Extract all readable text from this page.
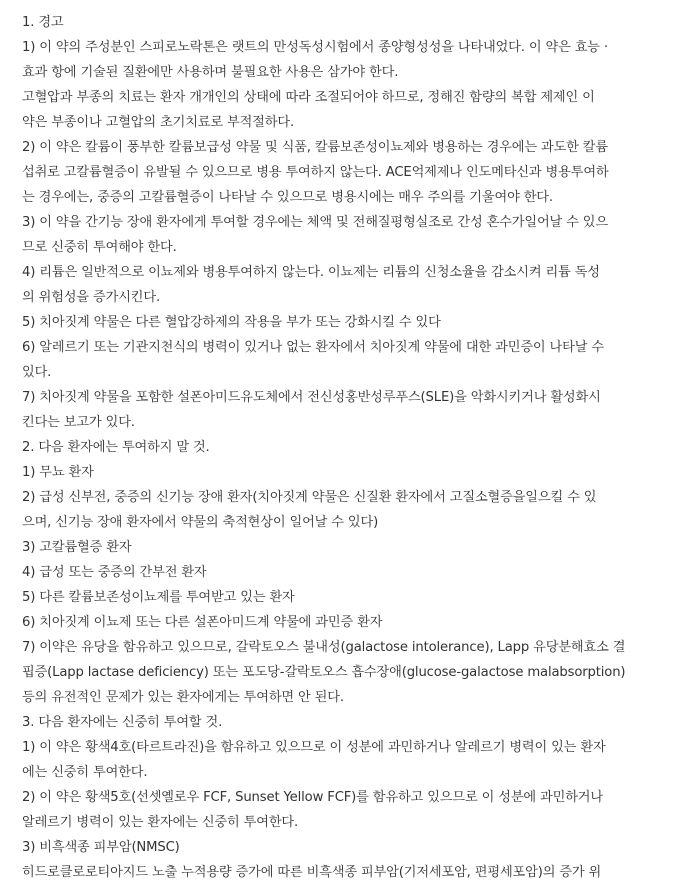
1. 경고
1) 이 약의 주성분인 스피로노락톤은 랫트의 만성독성시험에서 종양형성성을 나타내었다. 이 약은 효능 ·
효과 항에 기술된 질환에만 사용하며 불필요한 사용은 삼가야 한다.
고혈압과 부종의 치료는 환자 개개인의 상태에 따라 조절되어야 하므로, 정해진 함량의 복합 제제인 이
약은 부종이나 고혈압의 초기치료로 부적절하다.
2) 이 약은 칼륨이 풍부한 칼륨보급성 약물 및 식품, 칼륨보존성이뇨제와 병용하는 경우에는 과도한 칼륨
섭취로 고칼륨혈증이 유발될 수 있으므로 병용 투여하지 않는다. ACE억제제나 인도메타신과 병용투여하
는 경우에는, 중증의 고칼륨혈증이 나타날 수 있으므로 병용시에는 매우 주의를 기울여야 한다.
3) 이 약을 간기능 장애 환자에게 투여할 경우에는 체액 및 전해질평형실조로 간성 혼수가일어날 수 있으
므로 신중히 투여해야 한다.
4) 리튬은 일반적으로 이뇨제와 병용투여하지 않는다. 이뇨제는 리튬의 신청소율을 감소시켜 리튬 독성
의 위험성을 증가시킨다.
5) 치아짓계 약물은 다른 혈압강하제의 작용을 부가 또는 강화시킬 수 있다
6) 알레르기 또는 기관지천식의 병력이 있거나 없는 환자에서 치아짓계 약물에 대한 과민증이 나타날 수
있다.
7) 치아짓계 약물을 포함한 설폰아미드유도체에서 전신성홍반성루푸스(SLE)을 악화시키거나 활성화시
킨다는 보고가 있다.
2. 다음 환자에는 투여하지 말 것.
1) 무뇨 환자
2) 급성 신부전, 중증의 신기능 장애 환자(치아짓계 약물은 신질환 환자에서 고질소혈증을일으킬 수 있
으며, 신기능 장애 환자에서 약물의 축적현상이 일어날 수 있다)
3) 고칼륨혈증 환자
4) 급성 또는 중증의 간부전 환자
5) 다른 칼륨보존성이뇨제를 투여받고 있는 환자
6) 치아짓계 이뇨제 또는 다른 설폰아미드계 약물에 과민증 환자
7) 이약은 유당을 함유하고 있으므로, 갈락토오스 불내성(galactose intolerance), Lapp 유당분해효소 결
핍증(Lapp lactase deficiency) 또는 포도당-갈락토오스 흡수장애(glucose-galactose malabsorption)
등의 유전적인 문제가 있는 환자에게는 투여하면 안 된다.
3. 다음 환자에는 신중히 투여할 것.
1) 이 약은 황색4호(타르트라진)을 함유하고 있으므로 이 성분에 과민하거나 알레르기 병력이 있는 환자
에는 신중히 투여한다.
2) 이 약은 황색5호(선셋옐로우 FCF, Sunset Yellow FCF)를 함유하고 있으므로 이 성분에 과민하거나
알레르기 병력이 있는 환자에는 신중히 투여한다.
3) 비흑색종 피부암(NMSC)
히드로클로로티아지드 노출 누적용량 증가에 따른 비흑색종 피부암(기저세포암, 편평세포암)의 증가 위
